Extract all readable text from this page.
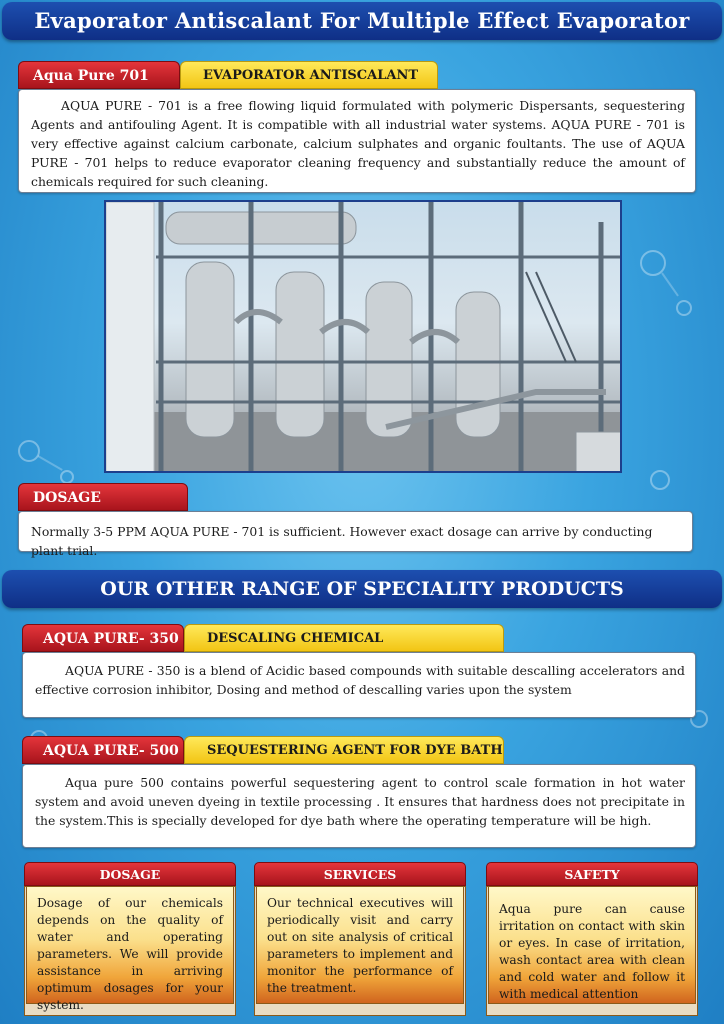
Evaporator Antiscalant For Multiple Effect Evaporator
Aqua Pure 701	EVAPORATOR ANTISCALANT

AQUA PURE - 701 is a free flowing liquid formulated with polymeric Dispersants, sequestering Agents and antifouling Agent. It is compatible with all industrial water systems. AQUA PURE - 701 is very effective against calcium carbonate, calcium sulphates and organic foultants. The use of AQUA PURE - 701 helps to reduce evaporator cleaning frequency and substantially reduce the amount of chemicals required for such cleaning.

DOSAGE
Normally 3-5 PPM AQUA PURE - 701 is sufficient. However exact dosage can arrive by conducting plant trial.
OUR OTHER RANGE OF SPECIALITY PRODUCTS
AQUA PURE- 350	DESCALING CHEMICAL

AQUA PURE - 350 is a blend of Acidic based compounds with suitable descalling accelerators and effective corrosion inhibitor, Dosing and method of descalling varies upon the system

AQUA PURE- 500	SEQUESTERING AGENT FOR DYE BATH

Aqua pure 500 contains powerful sequestering agent to control scale formation in hot water system and avoid uneven dyeing in textile processing . It ensures that hardness does not precipitate in the system.This is specially developed for dye bath where the operating temperature will be high.

DOSAGE
Dosage of our chemicals depends on the quality of water and operating parameters. We will provide assistance in arriving optimum dosages for your system.
SERVICES
Our technical executives will periodically visit and carry out on site analysis of critical parameters to implement and monitor the performance of the treatment.
SAFETY
Aqua pure can cause irritation on contact with skin or eyes. In case of irritation, wash contact area with clean and cold water and follow it with medical attention
